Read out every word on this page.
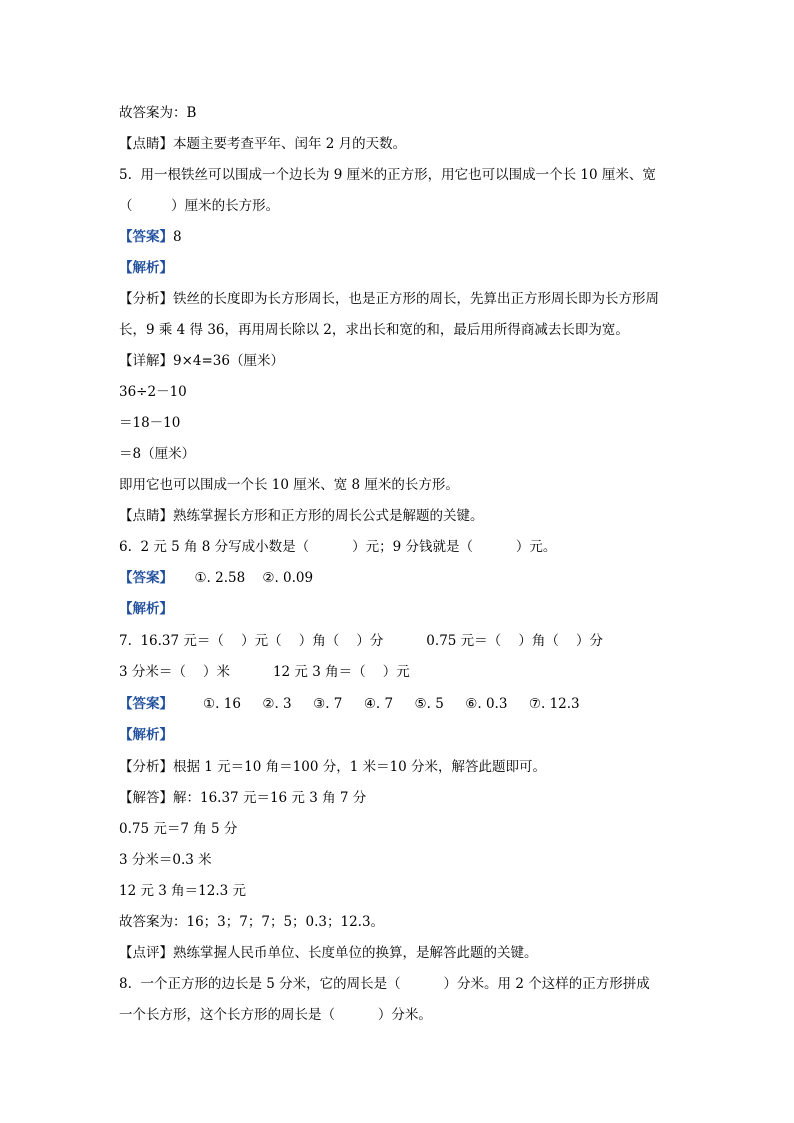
故答案为：B
【点睛】本题主要考查平年、闰年 2 月的天数。
5.  用一根铁丝可以围成一个边长为 9 厘米的正方形，用它也可以围成一个长 10 厘米、宽
（         ）厘米的长方形。
【答案】8
【解析】
【分析】铁丝的长度即为长方形周长，也是正方形的周长，先算出正方形周长即为长方形周
长，9 乘 4 得 36，再用周长除以 2，求出长和宽的和，最后用所得商减去长即为宽。
【详解】9×4=36（厘米）
36÷2－10
＝18－10
＝8（厘米）
即用它也可以围成一个长 10 厘米、宽 8 厘米的长方形。
【点睛】熟练掌握长方形和正方形的周长公式是解题的关键。
6.  2 元 5 角 8 分写成小数是（          ）元；9 分钱就是（          ）元。
【答案】     ①. 2.58    ②. 0.09
【解析】
7.  16.37 元＝（    ）元（    ）角（    ）分          0.75 元＝（    ）角（    ）分
3 分米＝（    ）米          12 元 3 角＝（    ）元
【答案】       ①. 16     ②. 3     ③. 7     ④. 7     ⑤. 5     ⑥. 0.3     ⑦. 12.3
【解析】
【分析】根据 1 元＝10 角＝100 分，1 米＝10 分米，解答此题即可。
【解答】解：16.37 元＝16 元 3 角 7 分
0.75 元＝7 角 5 分
3 分米＝0.3 米
12 元 3 角＝12.3 元
故答案为：16；3；7；7；5；0.3；12.3。
【点评】熟练掌握人民币单位、长度单位的换算，是解答此题的关键。
8.  一个正方形的边长是 5 分米，它的周长是（          ）分米。用 2 个这样的正方形拼成
一个长方形，这个长方形的周长是（          ）分米。
